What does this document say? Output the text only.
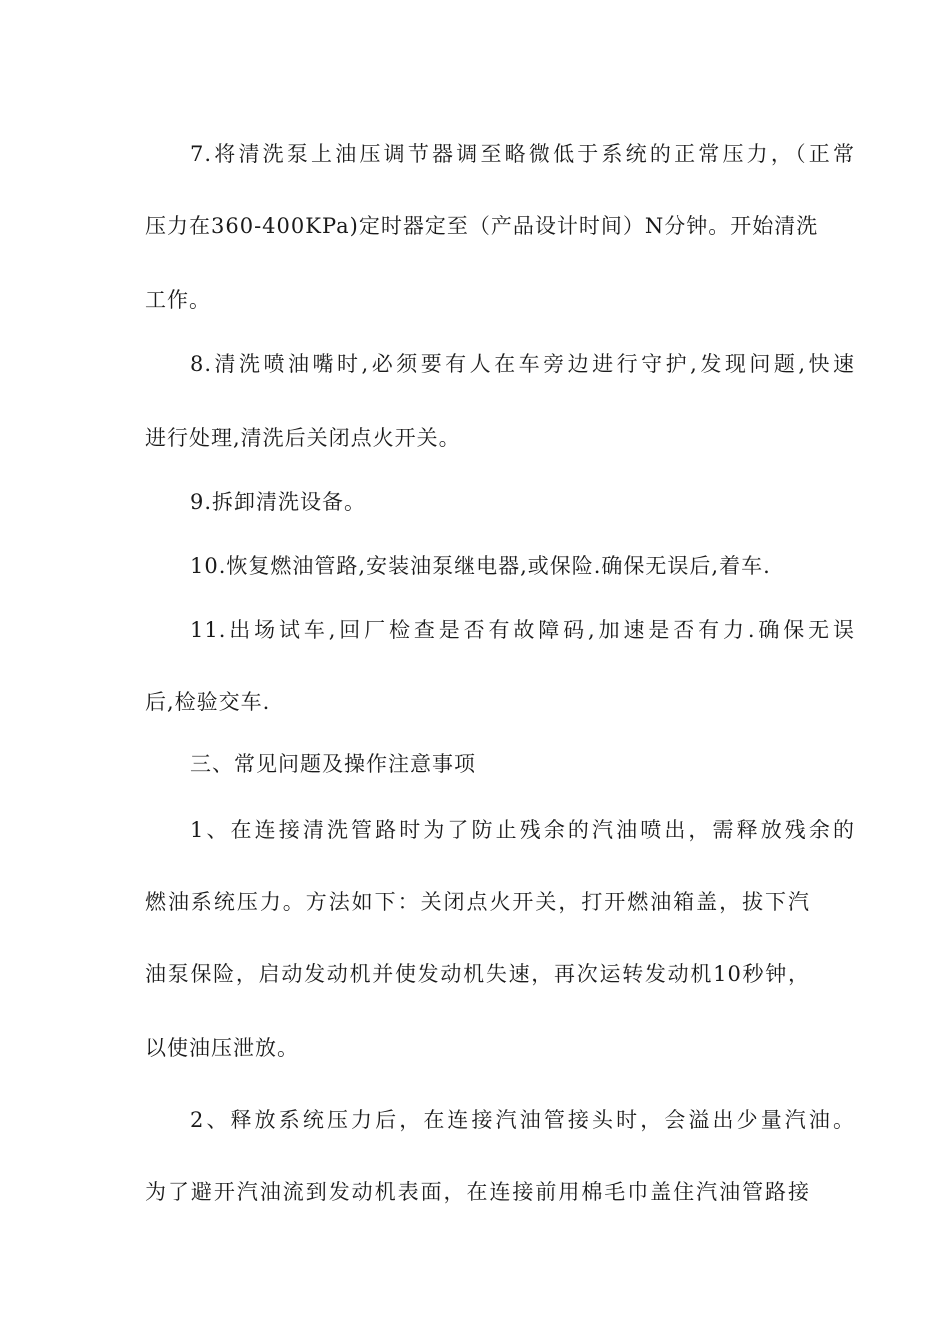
7.将清洗泵上油压调节器调至略微低于系统的正常压力，（正常
压力在360-400KPa)定时器定至（产品设计时间）N分钟。开始清洗
工作。
8.清洗喷油嘴时,必须要有人在车旁边进行守护,发现问题,快速
进行处理,清洗后关闭点火开关。
9.拆卸清洗设备。
10.恢复燃油管路,安装油泵继电器,或保险.确保无误后,着车.
11.出场试车,回厂检查是否有故障码,加速是否有力.确保无误
后,检验交车.
三、常见问题及操作注意事项
1、在连接清洗管路时为了防止残余的汽油喷出，需释放残余的
燃油系统压力。方法如下：关闭点火开关，打开燃油箱盖，拔下汽
油泵保险，启动发动机并使发动机失速，再次运转发动机10秒钟，
以使油压泄放。
2、释放系统压力后，在连接汽油管接头时，会溢出少量汽油。
为了避开汽油流到发动机表面，在连接前用棉毛巾盖住汽油管路接
